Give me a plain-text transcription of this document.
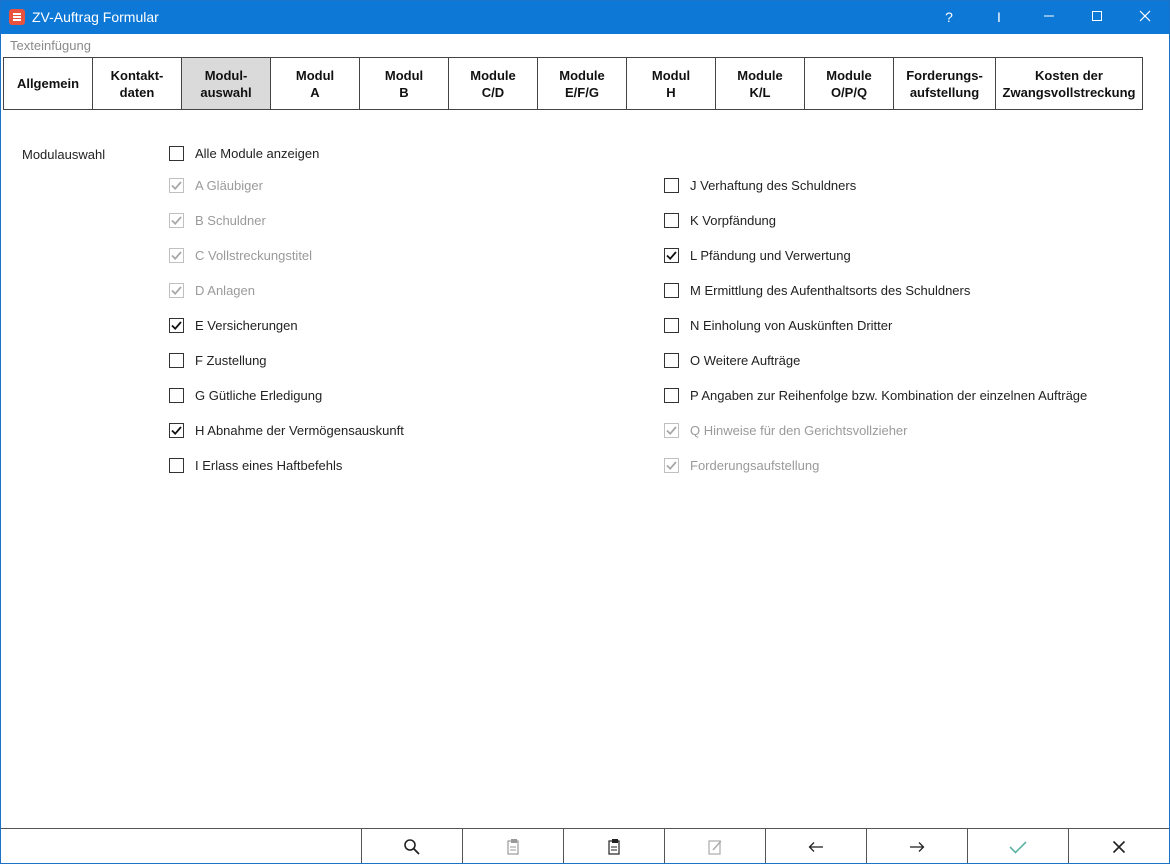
ZV-Auftrag Formular	?	I
Texteinfügung
Allgemein
Kontakt-
daten
Modul-
auswahl
Modul
A
Modul
B
Module
C/D
Module
E/F/G
Modul
H
Module
K/L
Module
O/P/Q
Forderungs-
aufstellung
Kosten der
Zwangsvollstreckung
Modulauswahl	Alle Module anzeigen
A Gläubiger
B Schuldner
C Vollstreckungstitel
D Anlagen
E Versicherungen
F Zustellung
G Gütliche Erledigung
H Abnahme der Vermögensauskunft
I Erlass eines Haftbefehls
J Verhaftung des Schuldners
K Vorpfändung
L Pfändung und Verwertung
M Ermittlung des Aufenthaltsorts des Schuldners
N Einholung von Auskünften Dritter
O Weitere Aufträge
P Angaben zur Reihenfolge bzw. Kombination der einzelnen Aufträge
Q Hinweise für den Gerichtsvollzieher
Forderungsaufstellung
